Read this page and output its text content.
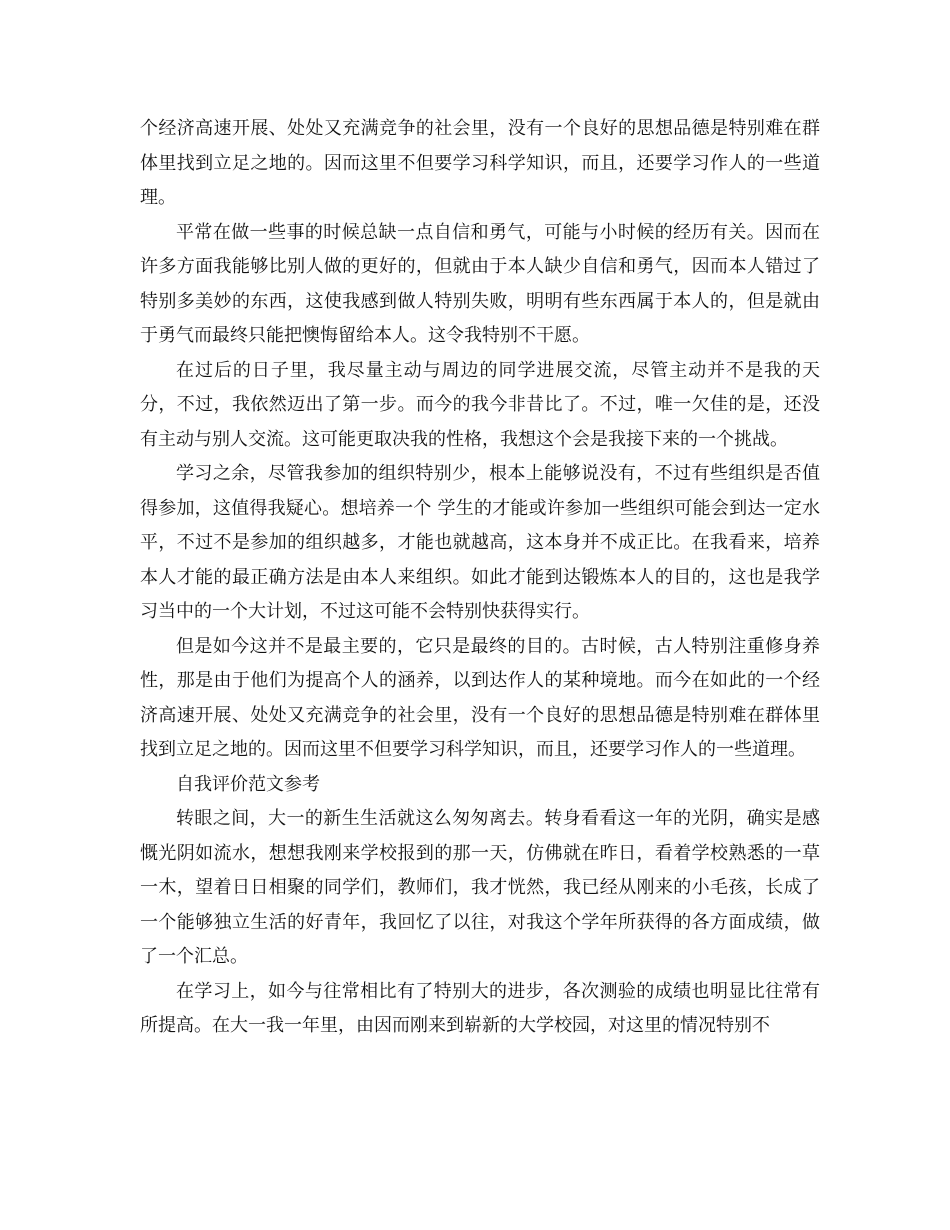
个经济高速开展、处处又充满竞争的社会里，没有一个良好的思想品德是特别难在群体里找到立足之地的。因而这里不但要学习科学知识，而且，还要学习作人的一些道理。

平常在做一些事的时候总缺一点自信和勇气，可能与小时候的经历有关。因而在许多方面我能够比别人做的更好的，但就由于本人缺少自信和勇气，因而本人错过了特别多美妙的东西，这使我感到做人特别失败，明明有些东西属于本人的，但是就由于勇气而最终只能把懊悔留给本人。这令我特别不干愿。

在过后的日子里，我尽量主动与周边的同学进展交流，尽管主动并不是我的天分，不过，我依然迈出了第一步。而今的我今非昔比了。不过，唯一欠佳的是，还没有主动与别人交流。这可能更取决我的性格，我想这个会是我接下来的一个挑战。

学习之余，尽管我参加的组织特别少，根本上能够说没有，不过有些组织是否值得参加，这值得我疑心。想培养一个 学生的才能或许参加一些组织可能会到达一定水平，不过不是参加的组织越多，才能也就越高，这本身并不成正比。在我看来，培养本人才能的最正确方法是由本人来组织。如此才能到达锻炼本人的目的，这也是我学习当中的一个大计划，不过这可能不会特别快获得实行。

但是如今这并不是最主要的，它只是最终的目的。古时候，古人特别注重修身养性，那是由于他们为提高个人的涵养，以到达作人的某种境地。而今在如此的一个经济高速开展、处处又充满竞争的社会里，没有一个良好的思想品德是特别难在群体里找到立足之地的。因而这里不但要学习科学知识，而且，还要学习作人的一些道理。

自我评价范文参考

转眼之间，大一的新生生活就这么匆匆离去。转身看看这一年的光阴，确实是感慨光阴如流水，想想我刚来学校报到的那一天，仿佛就在昨日，看着学校熟悉的一草一木，望着日日相聚的同学们，教师们，我才恍然，我已经从刚来的小毛孩，长成了一个能够独立生活的好青年，我回忆了以往，对我这个学年所获得的各方面成绩，做了一个汇总。

在学习上，如今与往常相比有了特别大的进步，各次测验的成绩也明显比往常有所提高。在大一我一年里，由因而刚来到崭新的大学校园，对这里的情况特别不
